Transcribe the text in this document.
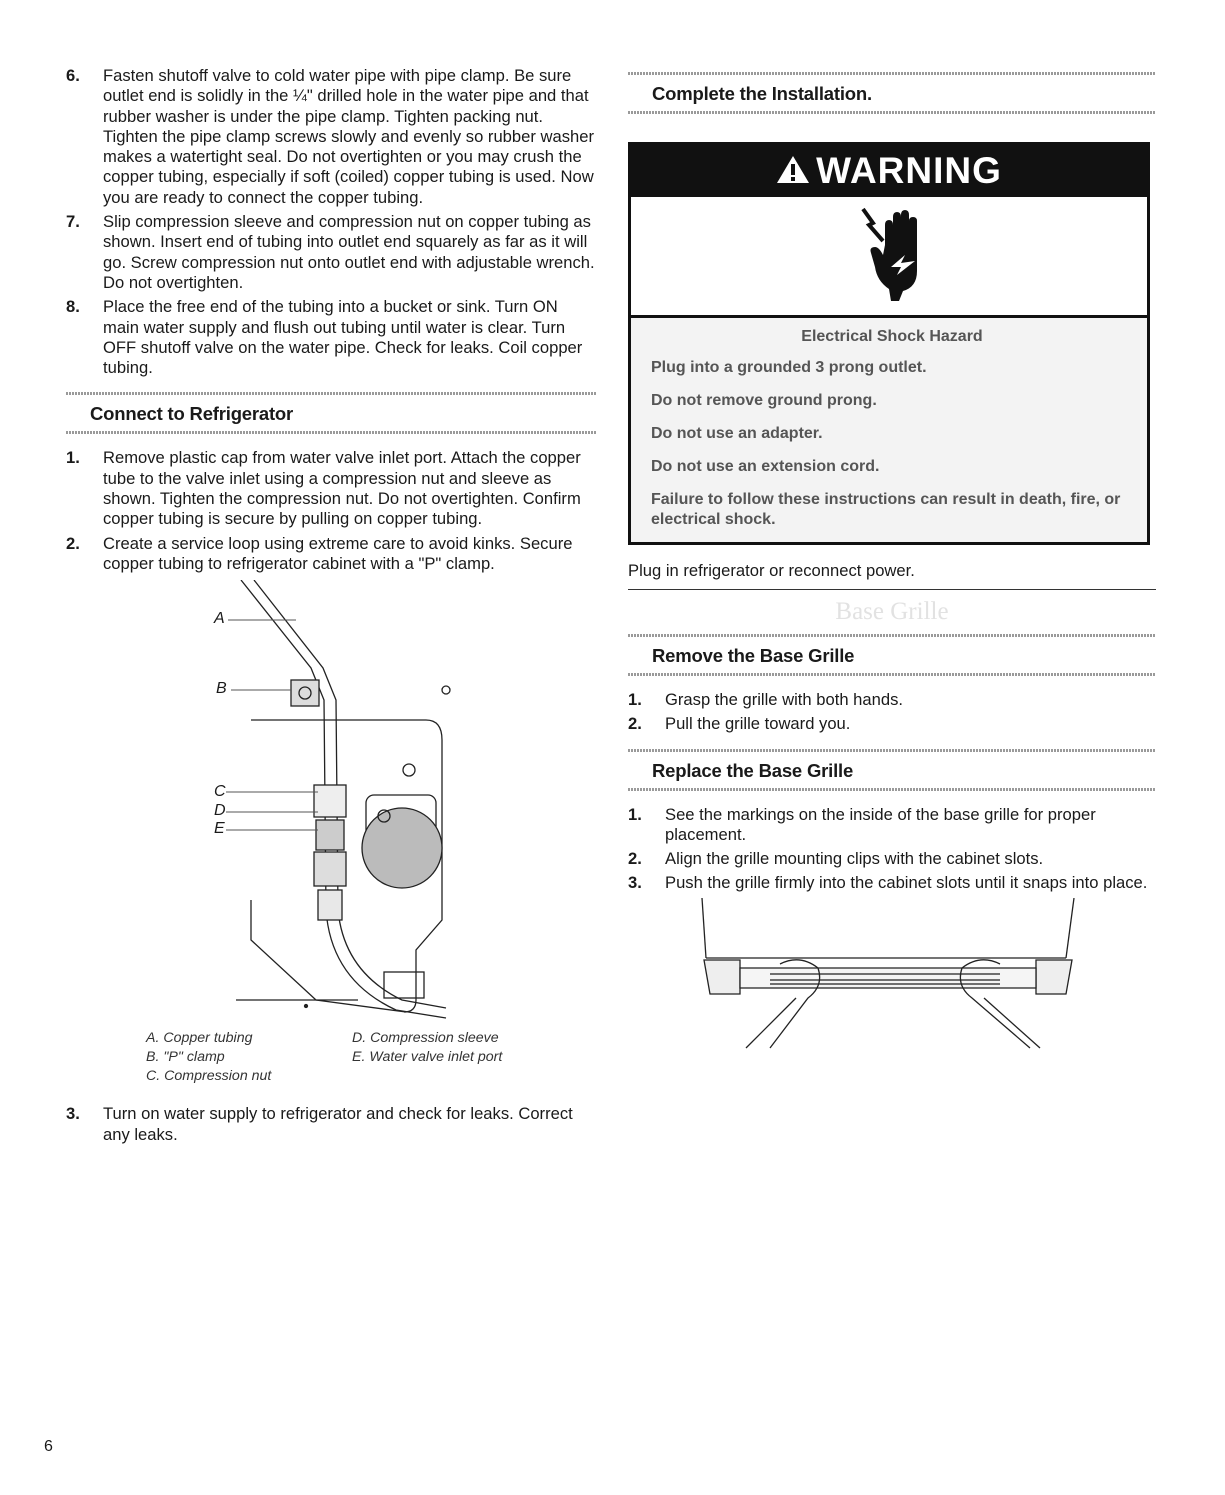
6. Fasten shutoff valve to cold water pipe with pipe clamp. Be sure outlet end is solidly in the ¼" drilled hole in the water pipe and that rubber washer is under the pipe clamp. Tighten packing nut. Tighten the pipe clamp screws slowly and evenly so rubber washer makes a watertight seal. Do not overtighten or you may crush the copper tubing, especially if soft (coiled) copper tubing is used. Now you are ready to connect the copper tubing.
7. Slip compression sleeve and compression nut on copper tubing as shown. Insert end of tubing into outlet end squarely as far as it will go. Screw compression nut onto outlet end with adjustable wrench. Do not overtighten.
8. Place the free end of the tubing into a bucket or sink. Turn ON main water supply and flush out tubing until water is clear. Turn OFF shutoff valve on the water pipe. Check for leaks. Coil copper tubing.
Connect to Refrigerator
1. Remove plastic cap from water valve inlet port. Attach the copper tube to the valve inlet using a compression nut and sleeve as shown. Tighten the compression nut. Do not overtighten. Confirm copper tubing is secure by pulling on copper tubing.
2. Create a service loop using extreme care to avoid kinks. Secure copper tubing to refrigerator cabinet with a "P" clamp.
A
B
C
D
E
A. Copper tubing
B. "P" clamp
C. Compression nut
D. Compression sleeve
E. Water valve inlet port
3. Turn on water supply to refrigerator and check for leaks. Correct any leaks.
Complete the Installation.
WARNING
Electrical Shock Hazard

Plug into a grounded 3 prong outlet.

Do not remove ground prong.

Do not use an adapter.

Do not use an extension cord.

Failure to follow these instructions can result in death, fire, or electrical shock.

Plug in refrigerator or reconnect power.

Base Grille
Remove the Base Grille
1. Grasp the grille with both hands.
2. Pull the grille toward you.
Replace the Base Grille
1. See the markings on the inside of the base grille for proper placement.
2. Align the grille mounting clips with the cabinet slots.
3. Push the grille firmly into the cabinet slots until it snaps into place.
6
